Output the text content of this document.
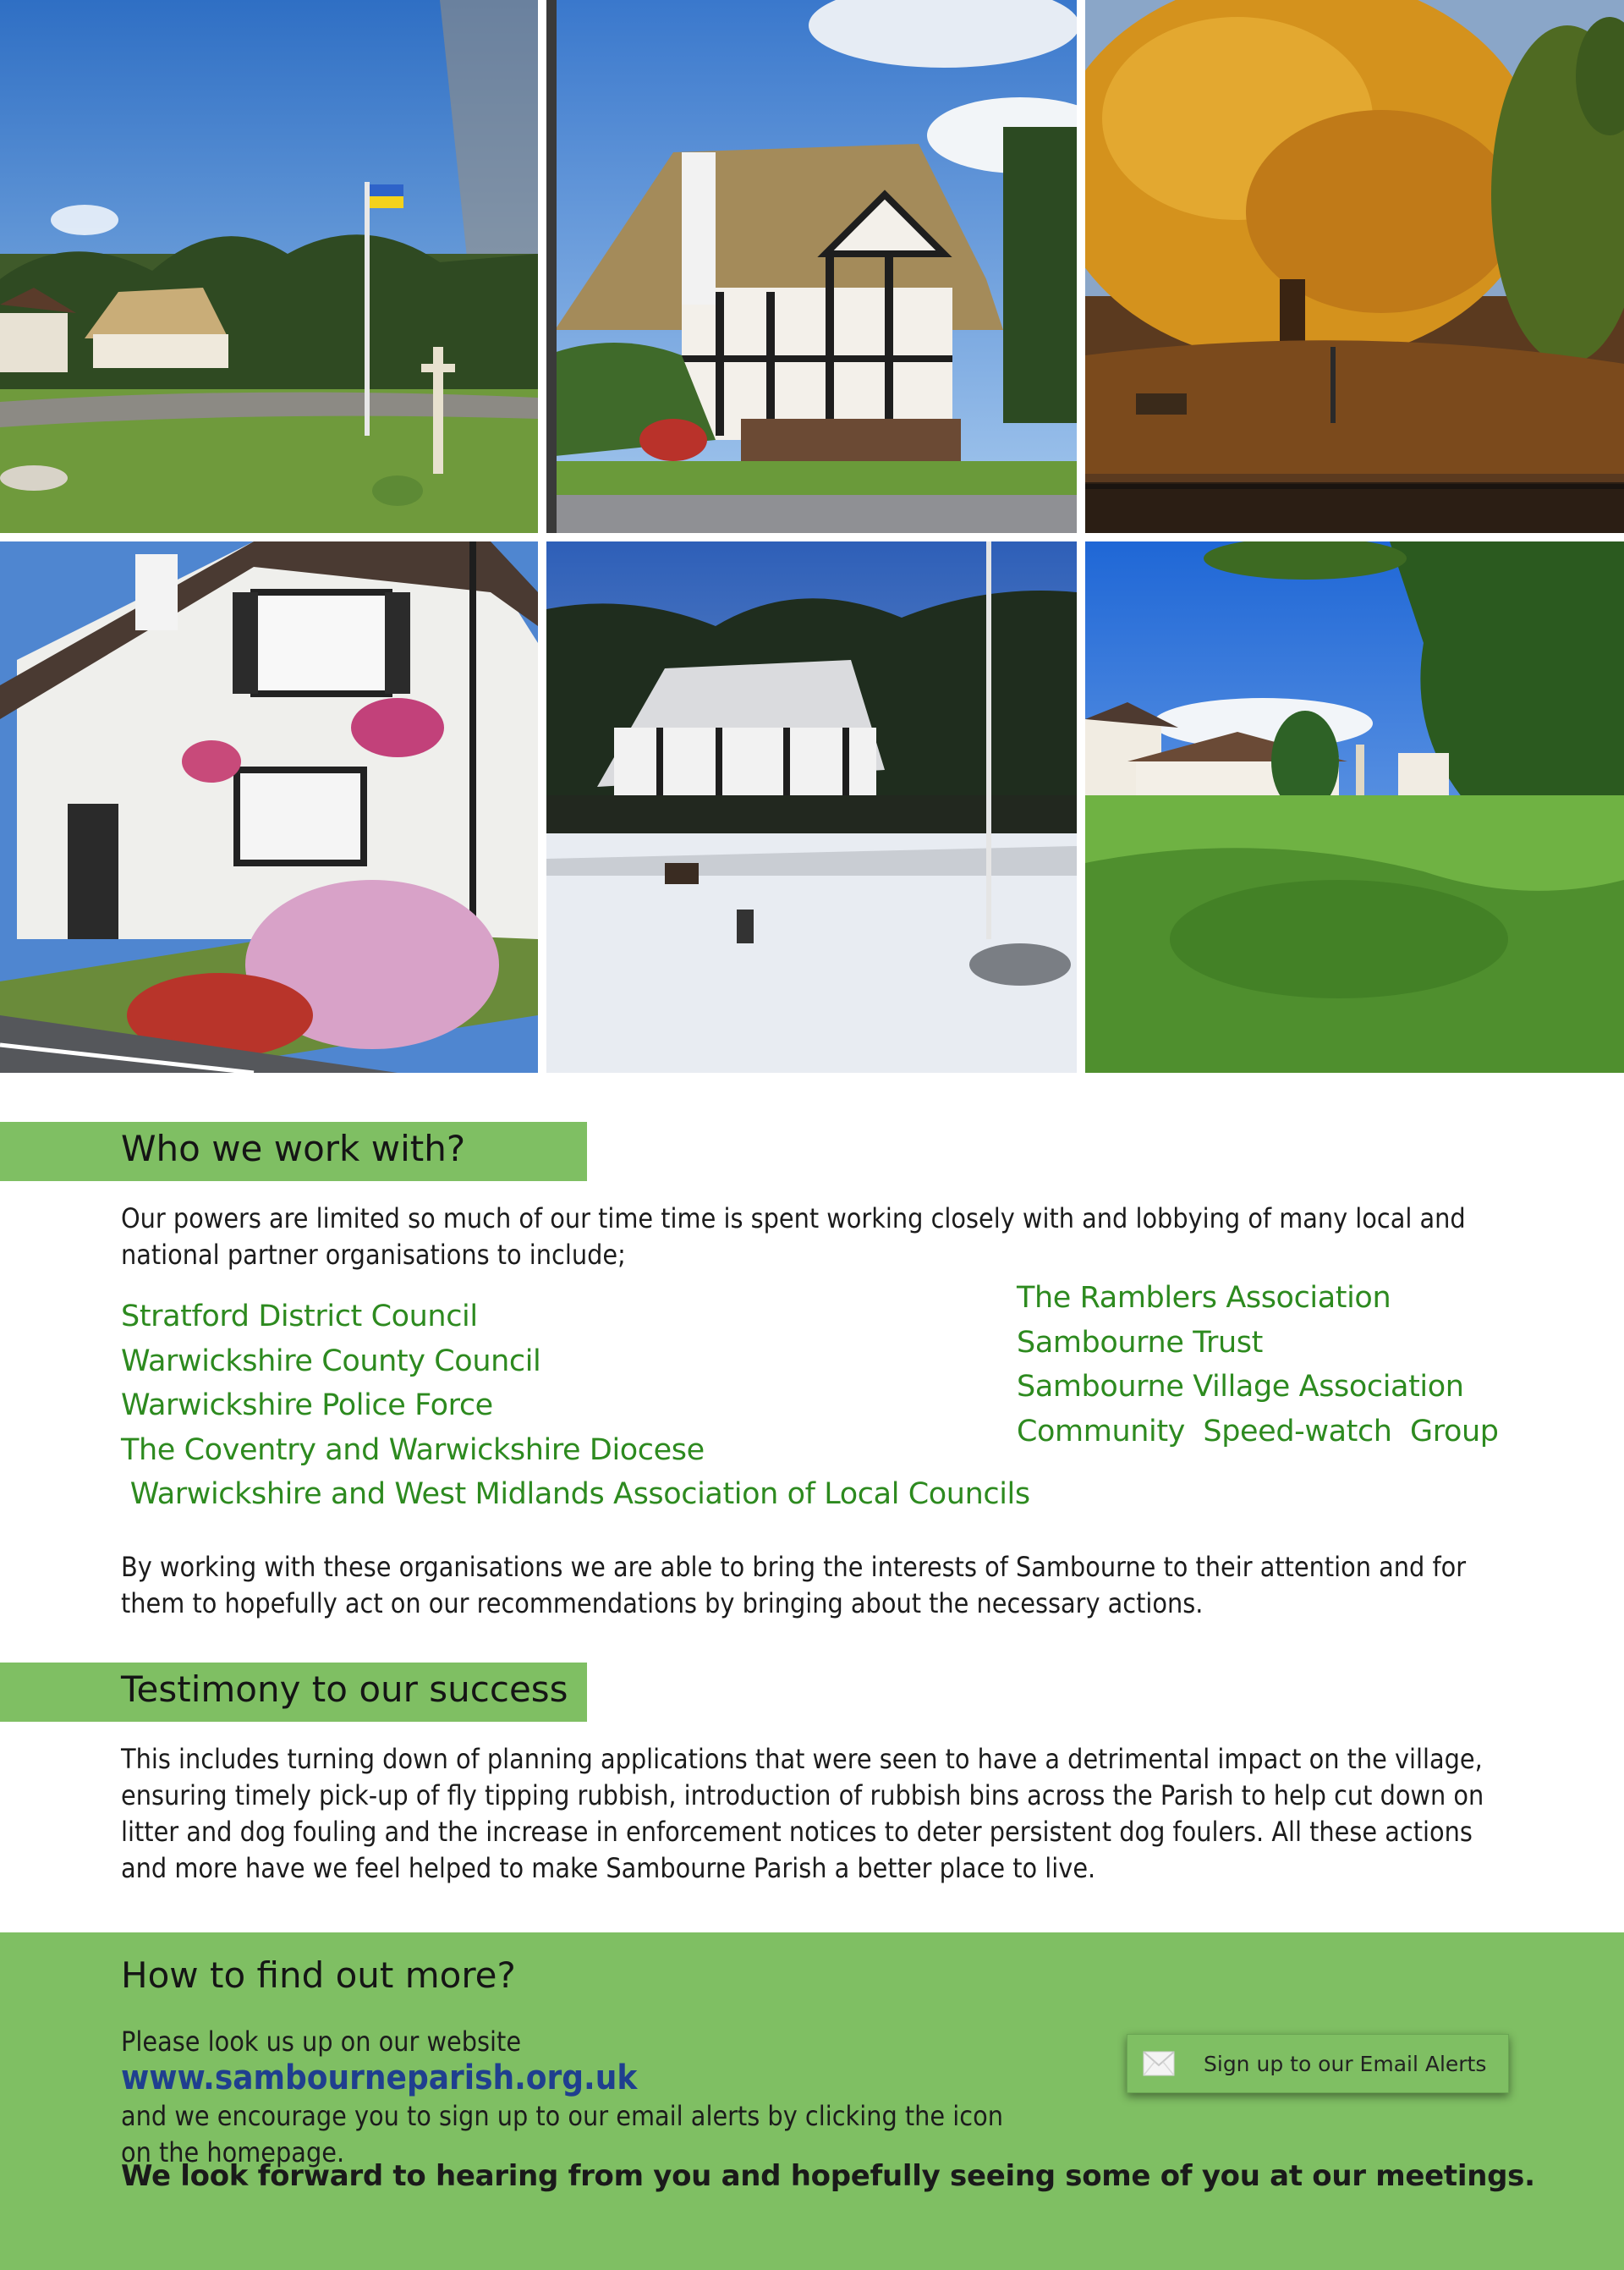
Who we work with?

Our powers are limited so much of our time time is spent working closely with and lobbying of many local and
national partner organisations to include;

Stratford District Council
Warwickshire County Council
Warwickshire Police Force
The Coventry and Warwickshire Diocese
Warwickshire and West Midlands Association of Local Councils
The Ramblers Association
Sambourne Trust
Sambourne Village Association
Community  Speed-watch  Group

By working with these organisations we are able to bring the interests of Sambourne to their attention and for
them to hopefully act on our recommendations by bringing about the necessary actions.

Testimony to our success

This includes turning down of planning applications that were seen to have a detrimental impact on the village,
ensuring timely pick-up of fly tipping rubbish, introduction of rubbish bins across the Parish to help cut down on
litter and dog fouling and the increase in enforcement notices to deter persistent dog foulers. All these actions
and more have we feel helped to make Sambourne Parish a better place to live.

How to find out more?

Please look us up on our website www.sambourneparish.org.uk
and we encourage you to sign up to our email alerts by clicking the icon
on the homepage.

Sign up to our Email Alerts

We look forward to hearing from you and hopefully seeing some of you at our meetings.
